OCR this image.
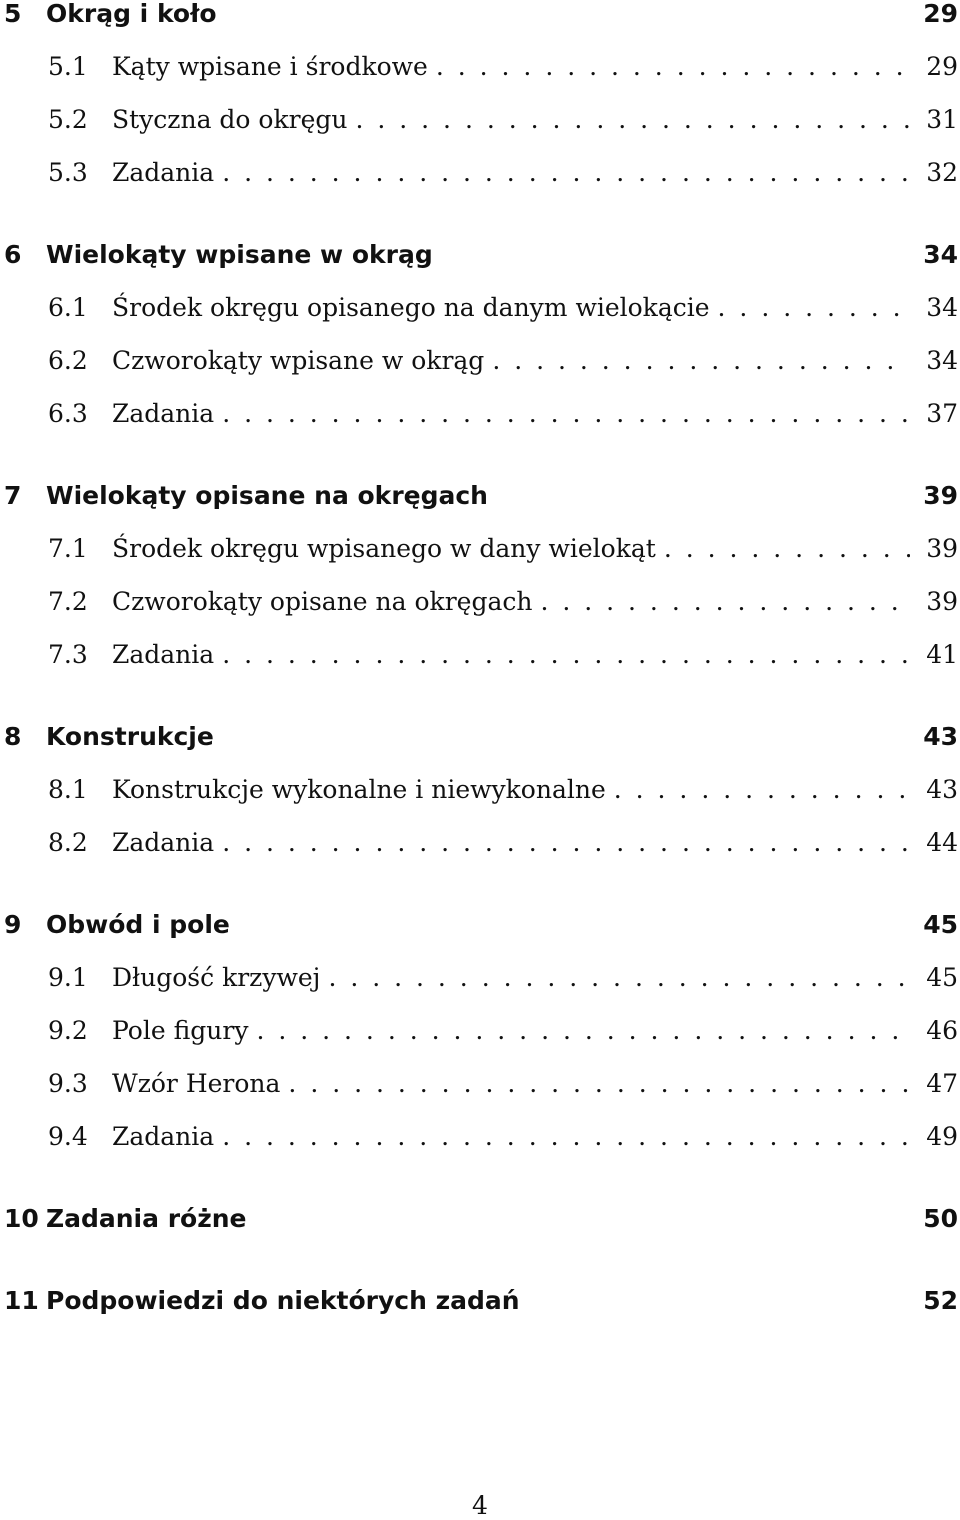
5 Okrąg i koło	29
5.1 Kąty wpisane i środkowe . . .	29
5.2 Styczna do okręgu . . .	31
5.3 Zadania . . .	32
6 Wielokąty wpisane w okrąg	34
6.1 Środek okręgu opisanego na danym wielokącie . . .	34
6.2 Czworokąty wpisane w okrąg . . .	34
6.3 Zadania . . .	37
7 Wielokąty opisane na okręgach	39
7.1 Środek okręgu wpisanego w dany wielokąt . . .	39
7.2 Czworokąty opisane na okręgach . . .	39
7.3 Zadania . . .	41
8 Konstrukcje	43
8.1 Konstrukcje wykonalne i niewykonalne . . .	43
8.2 Zadania . . .	44
9 Obwód i pole	45
9.1 Długość krzywej . . .	45
9.2 Pole figury . . .	46
9.3 Wzór Herona . . .	47
9.4 Zadania . . .	49
10 Zadania różne	50
11 Podpowiedzi do niektórych zadań	52
4
